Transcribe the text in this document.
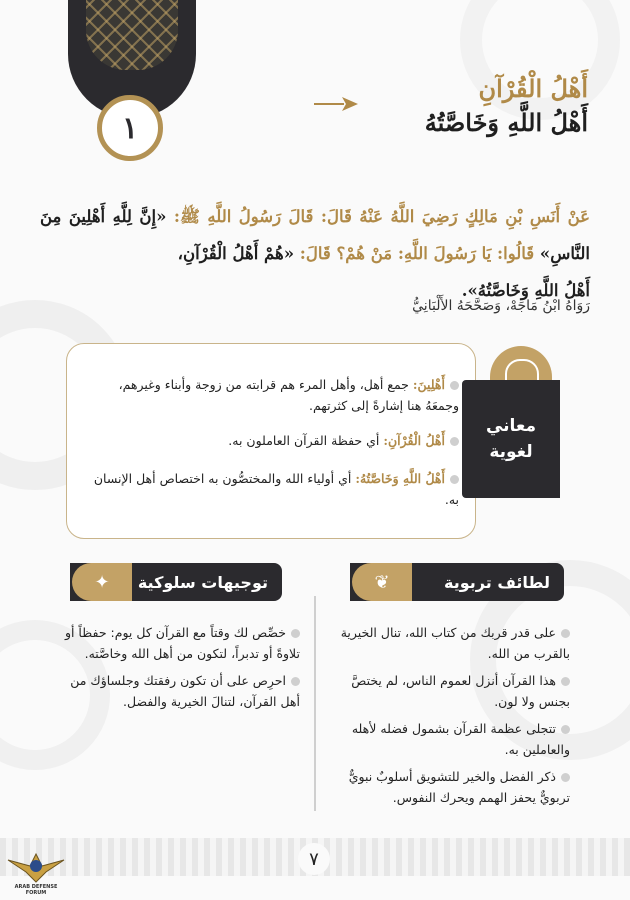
١
أَهْلُ الْقُرْآنِ
أَهْلُ اللَّهِ وَخَاصَّتُهُ
عَنْ أَنَسِ بْنِ مَالِكٍ رَضِيَ اللَّهُ عَنْهُ قَالَ: قَالَ رَسُولُ اللَّهِ ﷺ: «إِنَّ لِلَّهِ أَهْلِينَ مِنَ النَّاسِ» قَالُوا: يَا رَسُولَ اللَّهِ: مَنْ هُمْ؟ قَالَ: «هُمْ أَهْلُ الْقُرْآنِ،
أَهْلُ اللَّهِ وَخَاصَّتُهُ».
رَوَاهُ ابْنُ مَاجَهْ، وَصَحَّحَهُ الأَلْبَانِيُّ
أَهْلِينَ: جمع أهل، وأهل المرء هم قرابته من زوجة وأبناء وغيرهم، وجمعَهُ هنا إشارةً إلى كثرتهم.
أَهْلُ الْقُرْآنِ: أي حفظة القرآن العاملون به.
أَهْلُ اللَّهِ وَخَاصَّتُهُ: أي أولياء الله والمختصُّون به اختصاص أهل الإنسان به.
معاني لغوية
لطائف تربوية
❦
توجيهات سلوكية
✦
على قدر قربك من كتاب الله، تنال الخيرية بالقرب من الله.
هذا القرآن أنزل لعموم الناس، لم يختصَّ بجنس ولا لون.
تتجلى عظمة القرآن بشمول فضله لأهله والعاملين به.
ذكر الفضل والخير للتشويق أسلوبٌ نبويٌّ تربويٌّ يحفز الهمم ويحرك النفوس.
خصِّص لك وقتاً مع القرآن كل يوم: حفظاً أو تلاوةً أو تدبراً، لتكون من أهل الله وخاصَّته.
احرِص على أن تكون رفقتك وجلساؤك من أهل القرآن، لتنالَ الخيرية والفضل.
٧
ARAB DEFENSE FORUM
